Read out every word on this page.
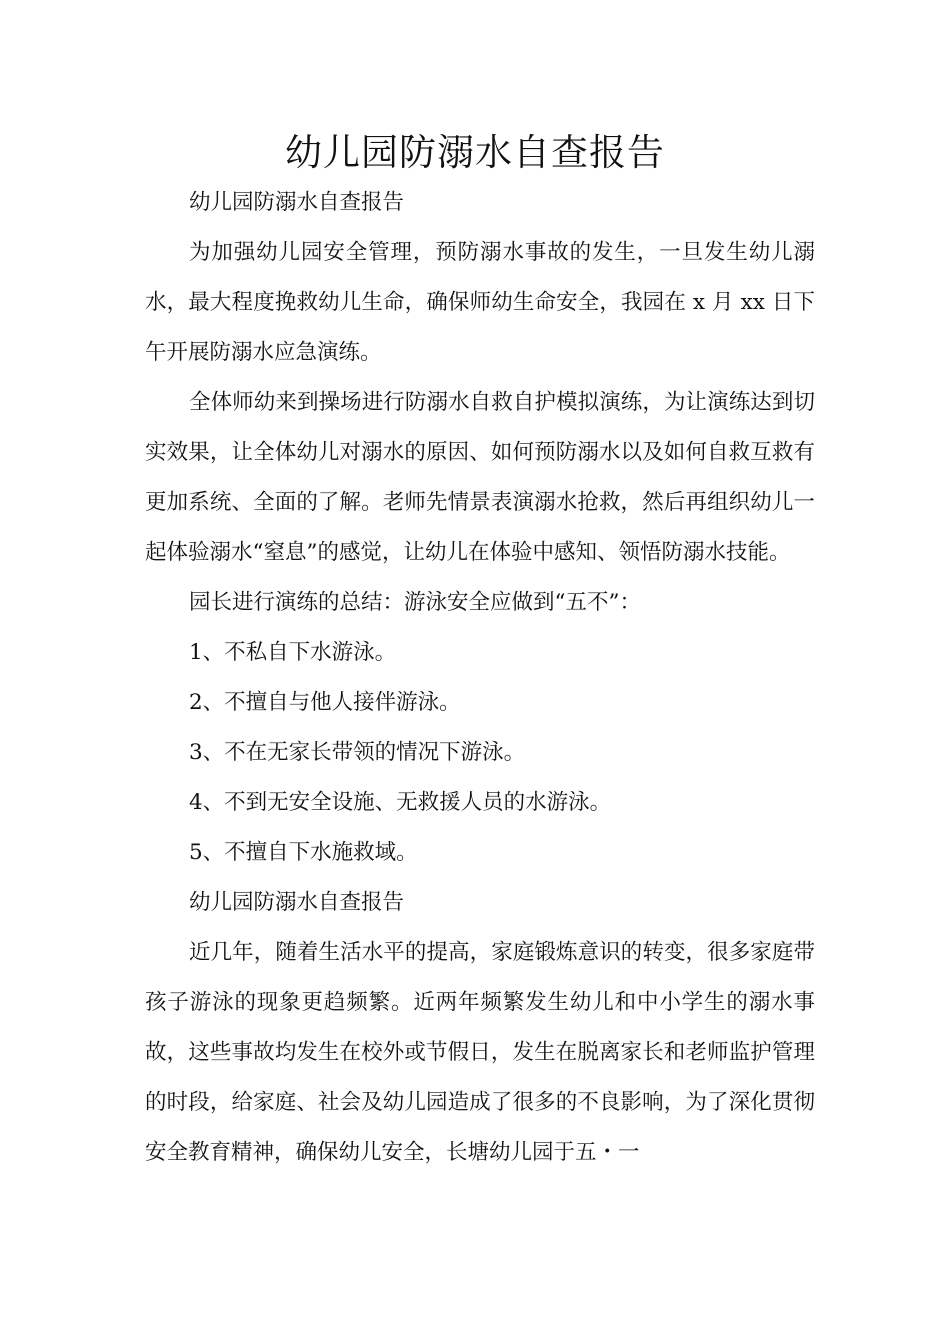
幼儿园防溺水自查报告

幼儿园防溺水自查报告

为加强幼儿园安全管理，预防溺水事故的发生，一旦发生幼儿溺水，最大程度挽救幼儿生命，确保师幼生命安全，我园在 x 月 xx 日下午开展防溺水应急演练。

全体师幼来到操场进行防溺水自救自护模拟演练，为让演练达到切实效果，让全体幼儿对溺水的原因、如何预防溺水以及如何自救互救有更加系统、全面的了解。老师先情景表演溺水抢救，然后再组织幼儿一起体验溺水“窒息”的感觉，让幼儿在体验中感知、领悟防溺水技能。

园长进行演练的总结：游泳安全应做到“五不”：

1、不私自下水游泳。

2、不擅自与他人接伴游泳。

3、不在无家长带领的情况下游泳。

4、不到无安全设施、无救援人员的水游泳。

5、不擅自下水施救域。

幼儿园防溺水自查报告

近几年，随着生活水平的提高，家庭锻炼意识的转变，很多家庭带孩子游泳的现象更趋频繁。近两年频繁发生幼儿和中小学生的溺水事故，这些事故均发生在校外或节假日，发生在脱离家长和老师监护管理的时段，给家庭、社会及幼儿园造成了很多的不良影响，为了深化贯彻安全教育精神，确保幼儿安全，长塘幼儿园于五・一
